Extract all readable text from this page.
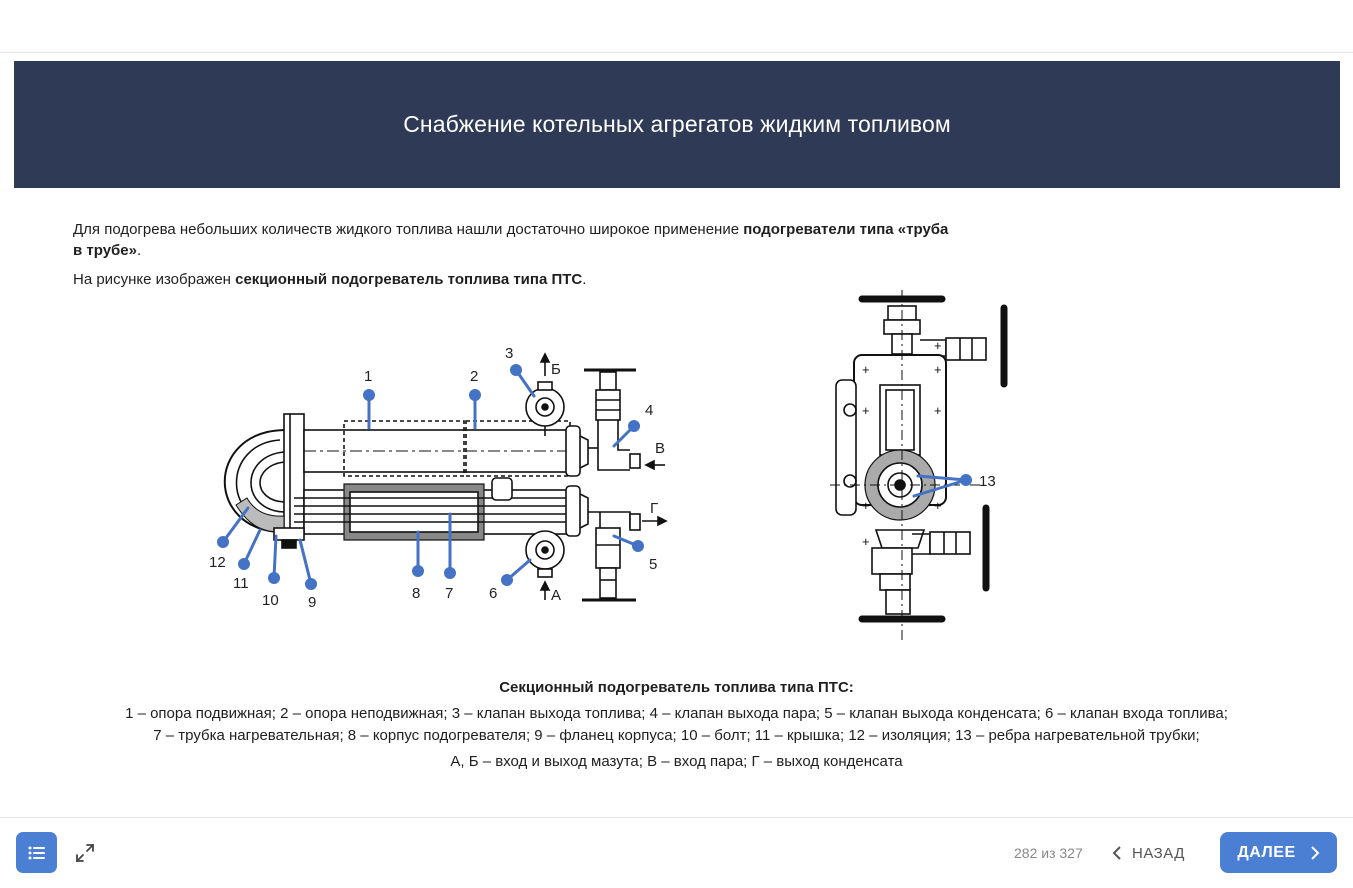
Снабжение котельных агрегатов жидким топливом
Для подогрева небольших количеств жидкого топлива нашли достаточно широкое применение подогреватели типа «труба в трубе».
На рисунке изображен секционный подогреватель топлива типа ПТС.
+	+
+	+
+
+
+	+
1	2
3
4
5
6
7
8
9
10
11
12
13
Б
В
Г
А
Секционный подогреватель топлива типа ПТС:
1 – опора подвижная; 2 – опора неподвижная; 3 – клапан выхода топлива; 4 – клапан выхода пара; 5 – клапан выхода конденсата; 6 – клапан входа топлива;
7 – трубка нагревательная; 8 – корпус подогревателя; 9 – фланец корпуса; 10 – болт; 11 – крышка; 12 – изоляция; 13 – ребра нагревательной трубки;
А, Б – вход и выход мазута; В – вход пара; Г – выход конденсата
282 из 327	НАЗАД	ДАЛЕЕ
